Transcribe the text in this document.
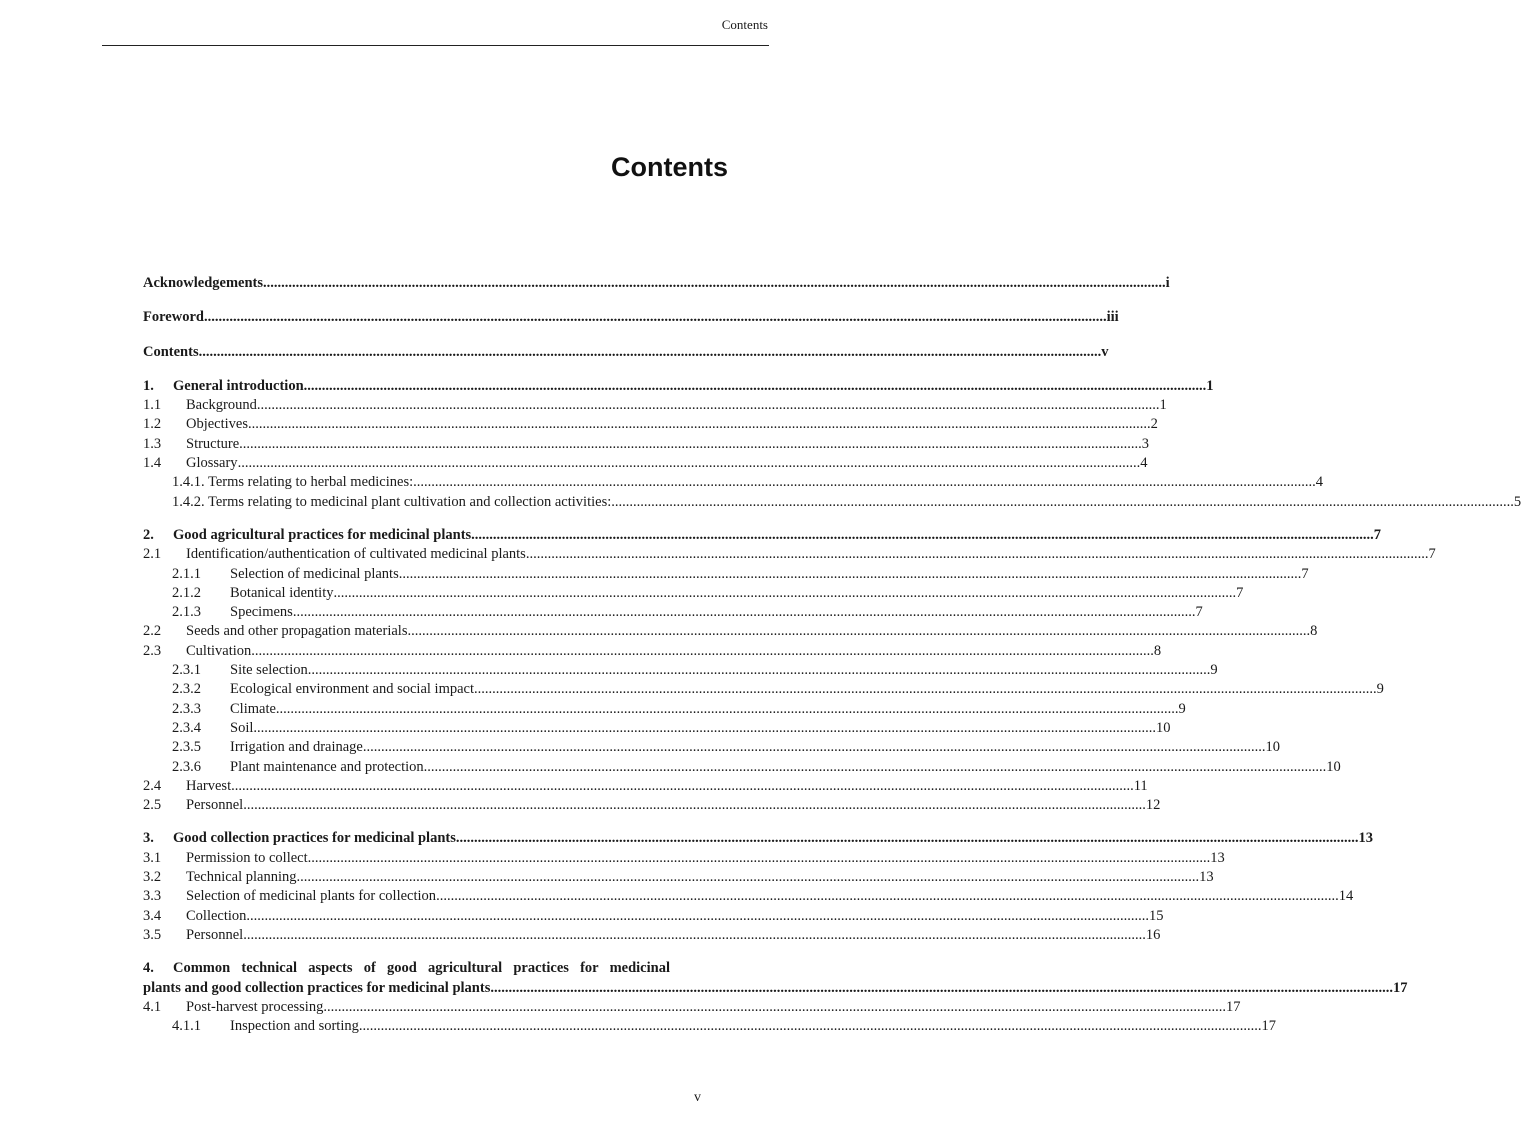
Contents
Contents
Acknowledgements .....	i
Foreword .....	iii
Contents .....	v
1.	General introduction .....	1
1.1	Background .....	1
1.2	Objectives .....	2
1.3	Structure .....	3
1.4	Glossary .....	4
1.4.1. Terms relating to herbal medicines: .....	4
1.4.2. Terms relating to medicinal plant cultivation and collection activities: .....	5
2.	Good agricultural practices for medicinal plants .....	7
2.1	Identification/authentication of cultivated medicinal plants .....	7
2.1.1	Selection of medicinal plants .....	7
2.1.2	Botanical identity .....	7
2.1.3	Specimens .....	7
2.2	Seeds and other propagation materials .....	8
2.3	Cultivation .....	8
2.3.1	Site selection .....	9
2.3.2	Ecological environment and social impact .....	9
2.3.3	Climate .....	9
2.3.4	Soil .....	10
2.3.5	Irrigation and drainage .....	10
2.3.6	Plant maintenance and protection .....	10
2.4	Harvest .....	11
2.5	Personnel .....	12
3.	Good collection practices for medicinal plants .....	13
3.1	Permission to collect .....	13
3.2	Technical planning .....	13
3.3	Selection of medicinal plants for collection .....	14
3.4	Collection .....	15
3.5	Personnel .....	16
4. Common technical aspects of good agricultural practices for medicinal
plants and good collection practices for medicinal plants .....	17
4.1	Post-harvest processing .....	17
4.1.1	Inspection and sorting .....	17
v
